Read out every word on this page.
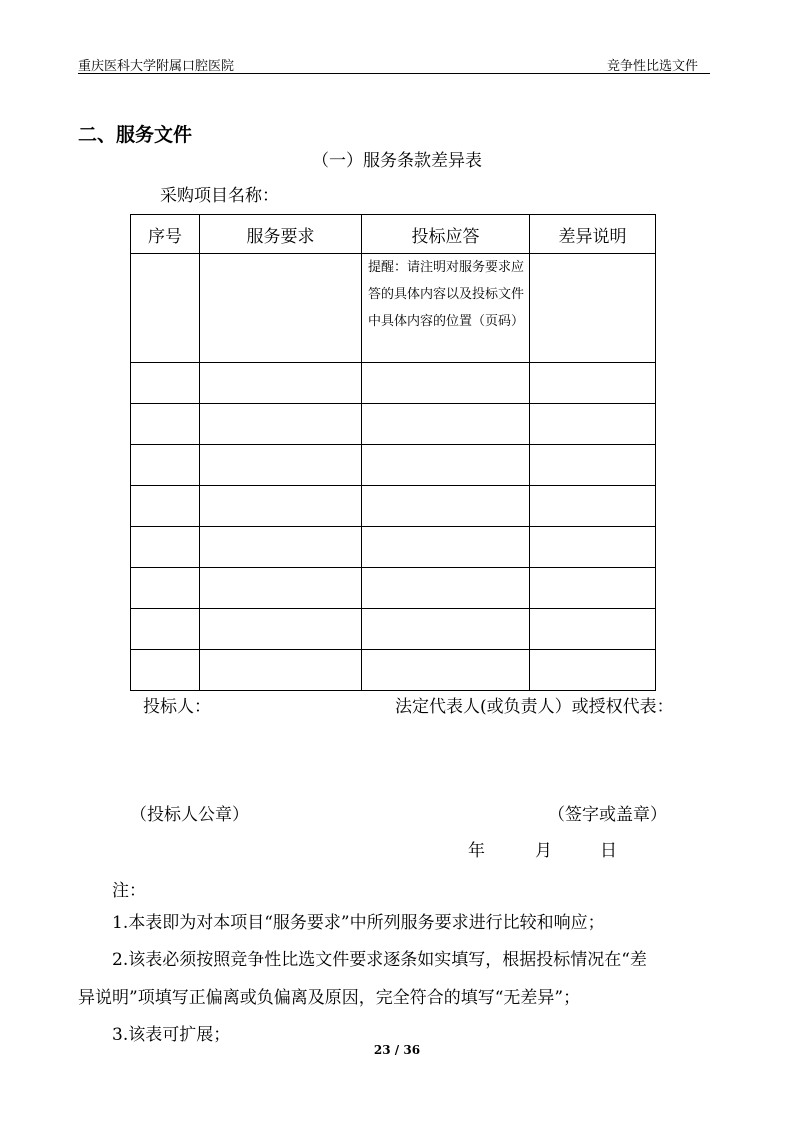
重庆医科大学附属口腔医院	竞争性比选文件
二、服务文件
（一）服务条款差异表
采购项目名称：
序号	服务要求	投标应答	差异说明
		提醒：请注明对服务要求应答的具体内容以及投标文件中具体内容的位置（页码）	

投标人：	法定代表人(或负责人）或授权代表：
（投标人公章）	（签字或盖章）
年	月	日
注：
1.本表即为对本项目“服务要求”中所列服务要求进行比较和响应；
2.该表必须按照竞争性比选文件要求逐条如实填写，根据投标情况在“差
异说明”项填写正偏离或负偏离及原因，完全符合的填写“无差异”；
3.该表可扩展；
23 / 36
